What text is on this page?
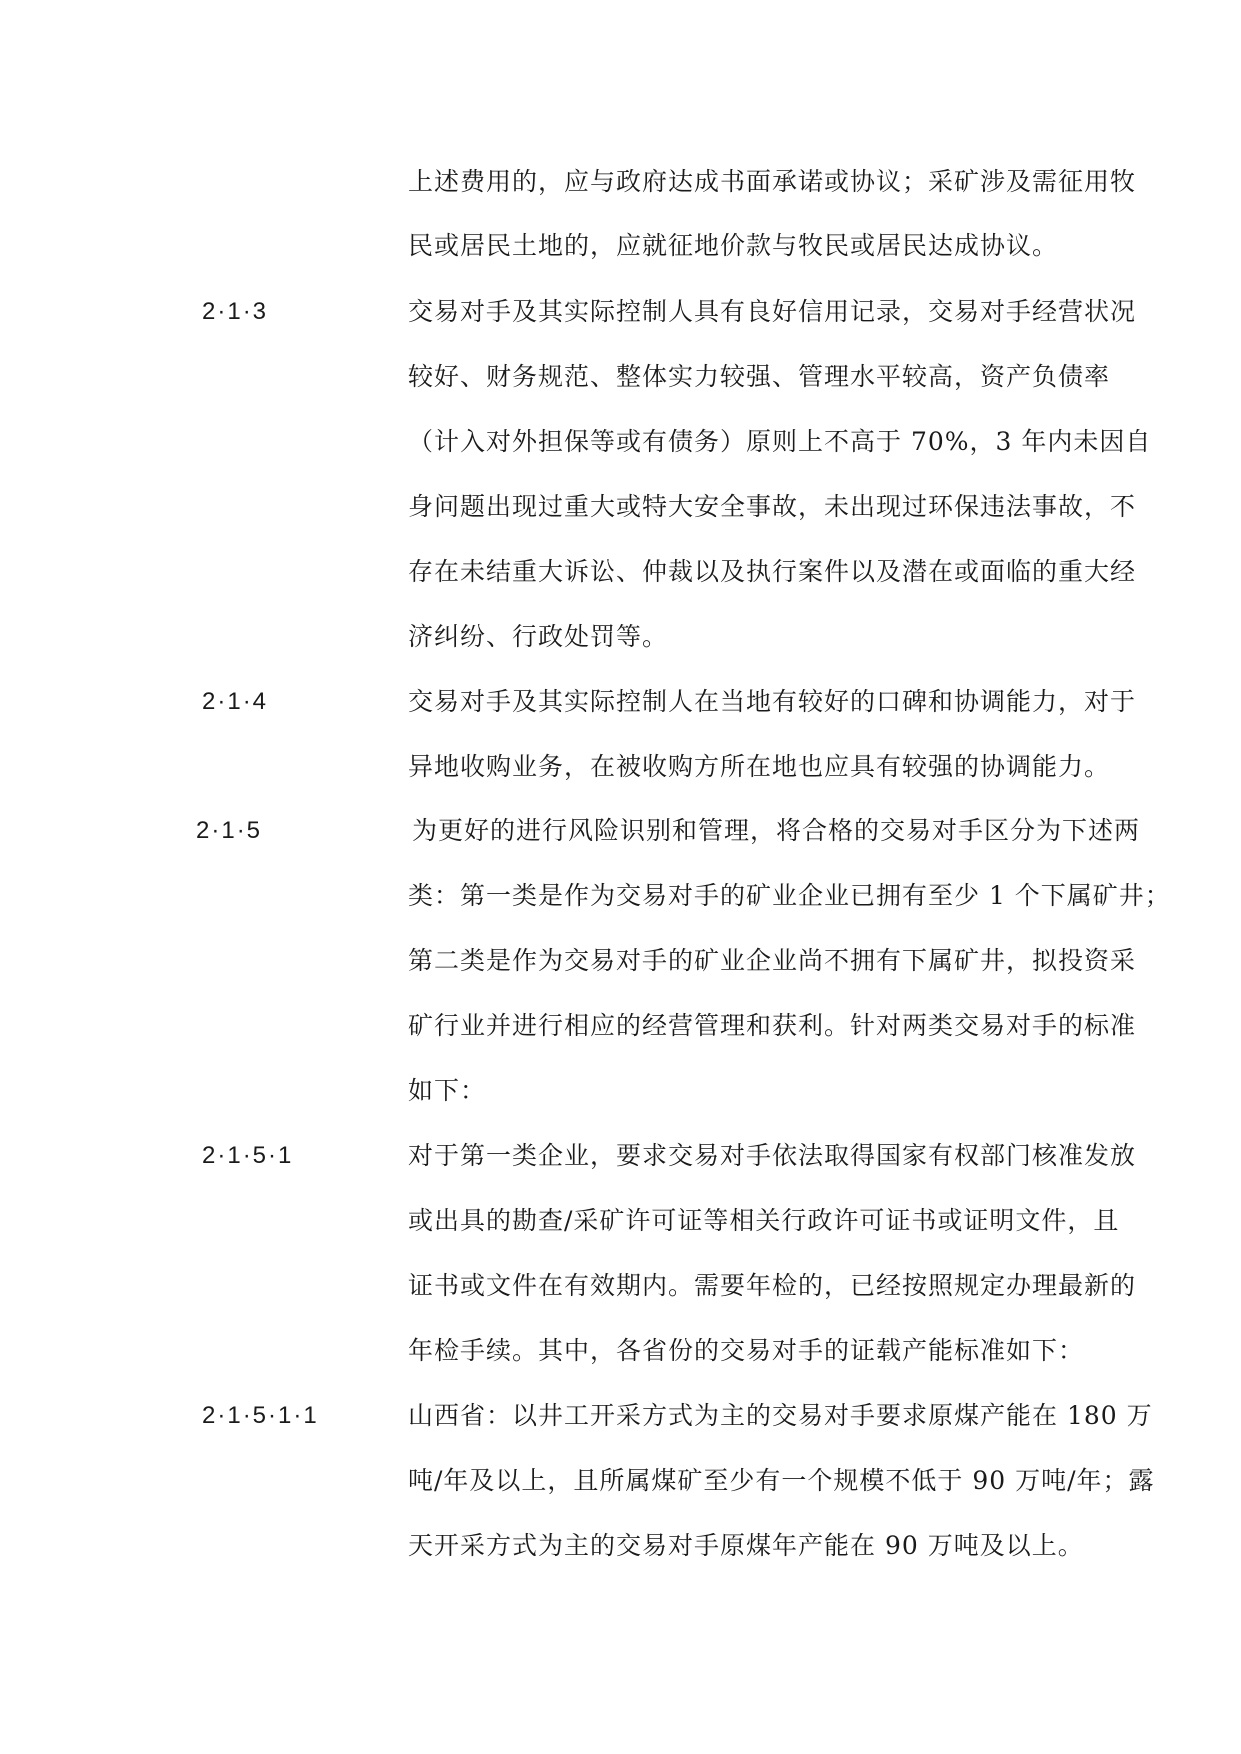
上述费用的，应与政府达成书面承诺或协议；采矿涉及需征用牧
民或居民土地的，应就征地价款与牧民或居民达成协议。
2·1·3	交易对手及其实际控制人具有良好信用记录，交易对手经营状况
较好、财务规范、整体实力较强、管理水平较高，资产负债率
（计入对外担保等或有债务）原则上不高于 70%，3 年内未因自
身问题出现过重大或特大安全事故，未出现过环保违法事故，不
存在未结重大诉讼、仲裁以及执行案件以及潜在或面临的重大经
济纠纷、行政处罚等。
2·1·4	交易对手及其实际控制人在当地有较好的口碑和协调能力，对于
异地收购业务，在被收购方所在地也应具有较强的协调能力。
2·1·5	为更好的进行风险识别和管理，将合格的交易对手区分为下述两
类：第一类是作为交易对手的矿业企业已拥有至少 1 个下属矿井；
第二类是作为交易对手的矿业企业尚不拥有下属矿井，拟投资采
矿行业并进行相应的经营管理和获利。针对两类交易对手的标准
如下：
2·1·5·1	对于第一类企业，要求交易对手依法取得国家有权部门核准发放
或出具的勘查/采矿许可证等相关行政许可证书或证明文件，且
证书或文件在有效期内。需要年检的，已经按照规定办理最新的
年检手续。其中，各省份的交易对手的证载产能标准如下：
2·1·5·1·1	山西省：以井工开采方式为主的交易对手要求原煤产能在 180 万
吨/年及以上，且所属煤矿至少有一个规模不低于 90 万吨/年；露
天开采方式为主的交易对手原煤年产能在 90 万吨及以上。
